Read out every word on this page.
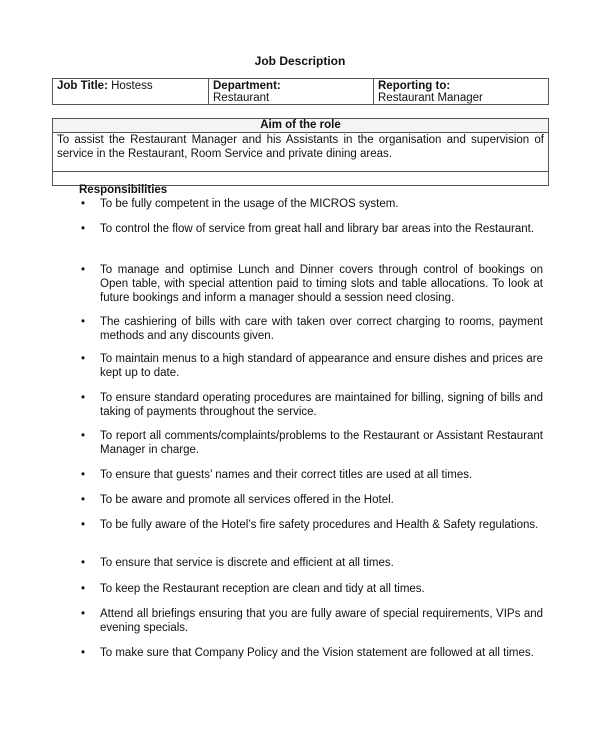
Job Description
Job Title: Hostess	Department:
Restaurant
Reporting to:
Restaurant Manager
Aim of the role
To assist the Restaurant Manager and his Assistants in the organisation and supervision of service in the Restaurant, Room Service and private dining areas.
Responsibilities
• To be fully competent in the usage of the MICROS system.
• To control the flow of service from great hall and library bar areas into the Restaurant.
• To manage and optimise Lunch and Dinner covers through control of bookings on Open table, with special attention paid to timing slots and table allocations. To look at future bookings and inform a manager should a session need closing.
• The cashiering of bills with care with taken over correct charging to rooms, payment methods and any discounts given.
• To maintain menus to a high standard of appearance and ensure dishes and prices are kept up to date.
• To ensure standard operating procedures are maintained for billing, signing of bills and taking of payments throughout the service.
• To report all comments/complaints/problems to the Restaurant or Assistant Restaurant Manager in charge.
• To ensure that guests’ names and their correct titles are used at all times.
• To be aware and promote all services offered in the Hotel.
• To be fully aware of the Hotel’s fire safety procedures and Health & Safety regulations.
• To ensure that service is discrete and efficient at all times.
• To keep the Restaurant reception are clean and tidy at all times.
• Attend all briefings ensuring that you are fully aware of special requirements, VIPs and evening specials.
• To make sure that Company Policy and the Vision statement are followed at all times.
